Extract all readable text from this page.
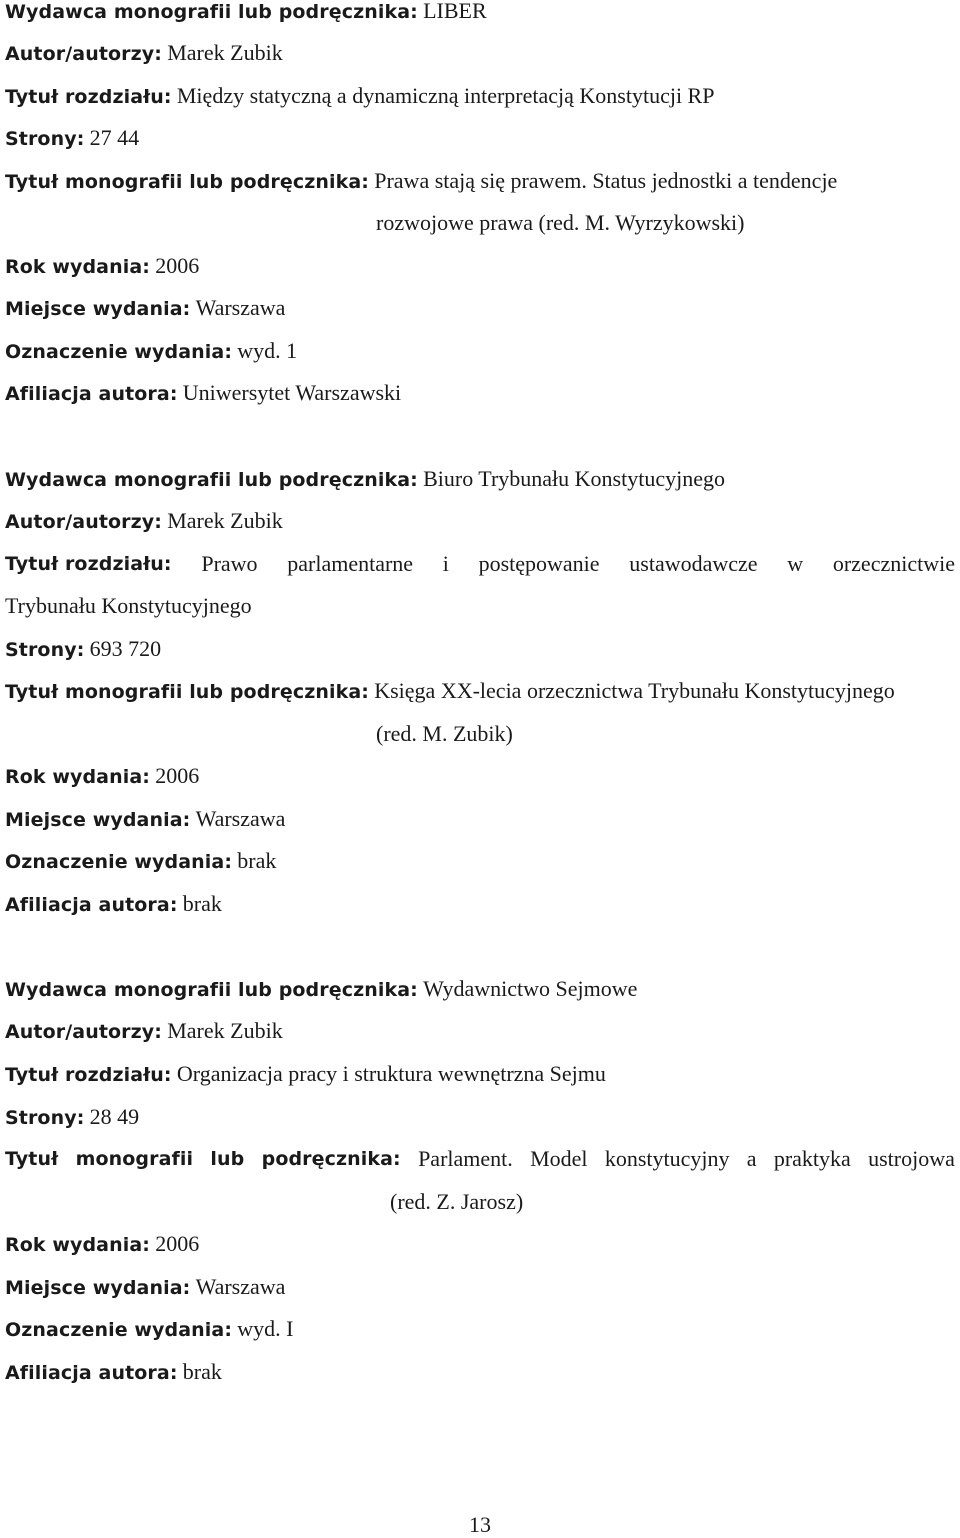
Wydawca monografii lub podręcznika: LIBER
Autor/autorzy: Marek Zubik
Tytuł rozdziału: Między statyczną a dynamiczną interpretacją Konstytucji RP
Strony: 27 44
Tytuł monografii lub podręcznika: Prawa stają się prawem. Status jednostki a tendencje
rozwojowe prawa (red. M. Wyrzykowski)
Rok wydania: 2006
Miejsce wydania: Warszawa
Oznaczenie wydania: wyd. 1
Afiliacja autora: Uniwersytet Warszawski
Wydawca monografii lub podręcznika: Biuro Trybunału Konstytucyjnego
Autor/autorzy: Marek Zubik
Tytuł rozdziału: Prawo parlamentarne i postępowanie ustawodawcze w orzecznictwie
Trybunału Konstytucyjnego
Strony: 693 720
Tytuł monografii lub podręcznika: Księga XX-lecia orzecznictwa Trybunału Konstytucyjnego
(red. M. Zubik)
Rok wydania: 2006
Miejsce wydania: Warszawa
Oznaczenie wydania: brak
Afiliacja autora: brak
Wydawca monografii lub podręcznika: Wydawnictwo Sejmowe
Autor/autorzy: Marek Zubik
Tytuł rozdziału: Organizacja pracy i struktura wewnętrzna Sejmu
Strony: 28 49
Tytuł monografii lub podręcznika: Parlament. Model konstytucyjny a praktyka ustrojowa
(red. Z. Jarosz)
Rok wydania: 2006
Miejsce wydania: Warszawa
Oznaczenie wydania: wyd. I
Afiliacja autora: brak
13
